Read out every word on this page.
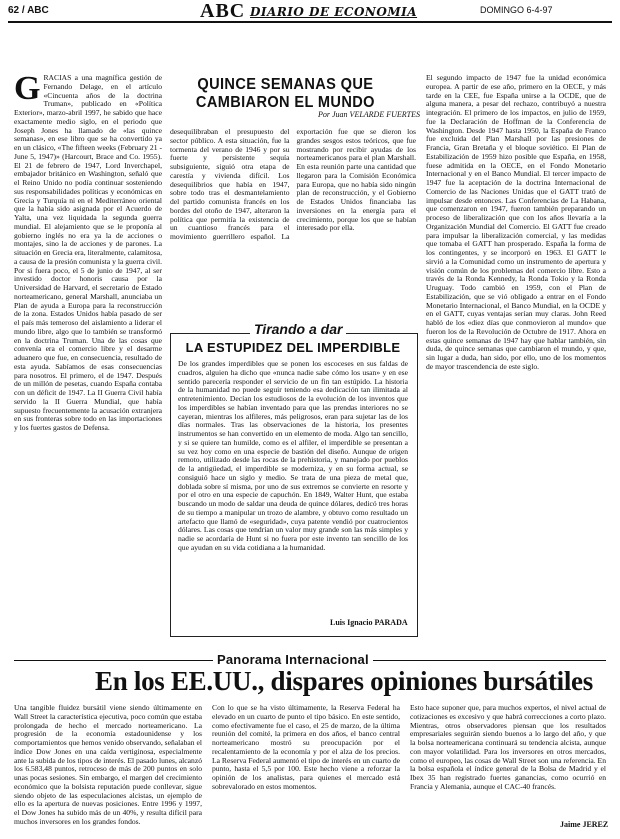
62 / ABC	ABC DIARIO DE ECONOMIA	DOMINGO 6-4-97
G RACIAS a una magnífica gestión de Fernando Delage, en el artículo «Cincuenta años de la doctrina Truman», publicado en «Política Exterior», marzo-abril 1997, he sabido que hace exactamente medio siglo, en el periodo que Joseph Jones ha llamado de «las quince semanas», en ese libro que se ha convertido ya en un clásico, «The fifteen weeks (February 21 - June 5, 1947)» (Harcourt, Brace and Co. 1955). El 21 de febrero de 1947, Lord Inverchapel, embajador británico en Washington, señaló que el Reino Unido no podía continuar sosteniendo sus responsabilidades políticas y económicas en Grecia y Turquía ni en el Mediterráneo oriental que la había sido asignada por el Acuerdo de Yalta, una vez liquidada la segunda guerra mundial. El alejamiento que se le proponía al gobierno inglés no era ya la de acciones o montajes, sino la de acciones y de parones. La situación en Grecia era, literalmente, calamitosa, a causa de la presión comunista y la guerra civil. Por si fuera poco, el 5 de junio de 1947, al ser investido doctor honoris causa por la Universidad de Harvard, el secretario de Estado norteamericano, general Marshall, anunciaba un Plan de ayuda a Europa para la reconstrucción de la zona. Estados Unidos había pasado de ser el país más temeroso del aislamiento a liderar el mundo libre, algo que lo también se transformó en la doctrina Truman. Una de las cosas que convenía era el comercio libre y el desarme aduanero que fue, en consecuencia, resultado de esta ayuda. Sabíamos de esas consecuencias para nosotros. El primero, el de 1947. Después de un millón de pesetas, cuando España contaba con un déficit de 1947. La II Guerra Civil había servido la II Guerra Mundial, que había supuesto frecuentemente la acusación extranjera en sus fronteras sobre todo en las importaciones y los fuertes gastos de Defensa.
QUINCE SEMANAS QUE CAMBIARON EL MUNDO
Por Juan VELARDE FUERTES
desequilibraban el presupuesto del sector público. A esta situación, fue la tormenta del verano de 1946 y por su fuerte y persistente sequía subsiguiente, siguió otra etapa de carestía y vivienda difícil. Los desequilibrios que había en 1947, sobre todo tras el desmantelamiento del partido comunista francés en los bordes del otoño de 1947, alteraron la política que permitía la existencia de un cuantioso francés para el movimiento guerrillero español. La exportación fue que se dieron los grandes sesgos estos teóricos, que fue mostrando por recibir ayudas de los norteamericanos para el plan Marshall. En esta reunión parte una cantidad que llegaron para la Comisión Económica para Europa, que no había sido ningún plan de reconstrucción, y el Gobierno de Estados Unidos financiaba las inversiones en la energía para el crecimiento, porque los que se habían interesado por ella.
El segundo impacto de 1947 fue la unidad económica europea. A partir de ese año, primero en la OECE, y más tarde en la CEE, fue España unirse a la OCDE, que de alguna manera, a pesar del rechazo, contribuyó a nuestra integración. El primero de los impactos, en julio de 1959, fue la Declaración de Hoffman de la Conferencia de Washington. Desde 1947 hasta 1950, la España de Franco fue excluida del Plan Marshall por las presiones de Francia, Gran Bretaña y el bloque soviético. El Plan de Estabilización de 1959 hizo posible que España, en 1958, fuese admitida en la OECE, en el Fondo Monetario Internacional y en el Banco Mundial. El tercer impacto de 1947 fue la aceptación de la doctrina Internacional de Comercio de las Naciones Unidas que el GATT trató de impulsar desde entonces. Las Conferencias de La Habana, que comenzaron en 1947, fueron también preparando un proceso de liberalización que con los años llevaría a la Organización Mundial del Comercio. El GATT fue creado para impulsar la liberalización comercial, y las medidas que tomaba el GATT han prosperado. España la forma de los contingentes, y se incorporó en 1963. El GATT le sirvió a la Comunidad como un instrumento de apertura y visión común de los problemas del comercio libre. Esto a través de la Ronda Kennedy, la Ronda Tokio y la Ronda Uruguay. Todo cambió en 1959, con el Plan de Estabilización, que se vió obligado a entrar en el Fondo Monetario Internacional, el Banco Mundial, en la OCDE y en el GATT, cuyas ventajas serían muy claras. John Reed habló de los «diez días que conmovieron al mundo» que fueron los de la Revolución de Octubre de 1917. Ahora en estas quince semanas de 1947 hay que hablar también, sin duda, de quince semanas que cambiaron el mundo, y que, sin lugar a duda, han sido, por ello, uno de los momentos de mayor trascendencia de este siglo.
Tirando a dar
LA ESTUPIDEZ DEL IMPERDIBLE
De los grandes imperdibles que se ponen los escoceses en sus faldas de cuadros, alguien ha dicho que «nunca nadie sabe cómo los usan» y en ese sentido parecería responder el servicio de un fin tan estúpido. La historia de la humanidad no puede seguir teniendo esa dedicación tan ilimitada al entretenimiento. Decían los estudiosos de la evolución de los inventos que los imperdibles se habían inventado para que las prendas interiores no se cayeran, mientras los alfileres, más peligrosos, eran para sujetar las de los días normales. Tras las observaciones de la historia, los presentes instrumentos se han convertido en un elemento de moda. Algo tan sencillo, y si se quiere tan humilde, como es el alfiler, el imperdible se presentan a su vez hoy como en una especie de bastión del diseño. Aunque de origen remoto, utilizado desde las rocas de la prehistoria, y manejado por pueblos de la antigüedad, el imperdible se moderniza, y en su forma actual, se consiguió hace un siglo y medio. Se trata de una pieza de metal que, doblada sobre sí misma, por uno de sus extremos se convierte en resorte y por el otro en una especie de capuchón. En 1849, Walter Hunt, que estaba buscando un modo de saldar una deuda de quince dólares, dedicó tres horas de su tiempo a manipular un trozo de alambre, y obtuvo como resultado un artefacto que llamó de «seguridad», cuya patente vendió por cuatrocientos dólares. Las cosas que tendrían un valor muy grande son las más simples y nadie se acordaría de Hunt si no fuera por este invento tan sencillo de los que ayudan en su vida cotidiana a la humanidad.
Luis Ignacio PARADA
Panorama Internacional
En los EE.UU., dispares opiniones bursátiles
Una tangible fluidez bursátil viene siendo últimamente en Wall Street la característica ejecutiva, poco común que estaba prolongada de hecho el mercado norteamericano. La progresión de la economía estadounidense y los comportamientos que hemos venido observando, señalaban el índice Dow Jones en una caída vertiginosa, especialmente ante la subida de los tipos de interés. El pasado lunes, alcanzó los 6.583,48 puntos, retroceso de más de 200 puntos en solo unas pocas sesiones. Sin embargo, el margen del crecimiento económico que la bolsista reputación puede conllevar, sigue siendo objeto de las especulaciones alcistas, un ejemplo de ello es la apertura de nuevas posiciones. Entre 1996 y 1997, el Dow Jones ha subido más de un 40%, y resulta difícil para muchos inversores en los grandes fondos.
Con lo que se ha visto últimamente, la Reserva Federal ha elevado en un cuarto de punto el tipo básico. En este sentido, como efectivamente fue el caso, el 25 de marzo, de la última reunión del comité, la primera en dos años, el banco central norteamericano mostró su preocupación por el recalentamiento de la economía y por el alza de los precios. La Reserva Federal aumentó el tipo de interés en un cuarto de punto, hasta el 5,5 por 100. Este hecho viene a reforzar la opinión de los analistas, para quienes el mercado está sobrevalorado en estos momentos.
Esto hace suponer que, para muchos expertos, el nivel actual de cotizaciones es excesivo y que habrá correcciones a corto plazo. Mientras, otros observadores piensan que los resultados empresariales seguirán siendo buenos a lo largo del año, y que la bolsa norteamericana continuará su tendencia alcista, aunque con mayor volatilidad. Para los inversores en otros mercados, como el europeo, las cosas de Wall Street son una referencia. En la bolsa española el índice general de la Bolsa de Madrid y el Ibex 35 han registrado fuertes ganancias, como ocurrió en Francia y Alemania, aunque el CAC-40 francés.
Jaime JEREZ
